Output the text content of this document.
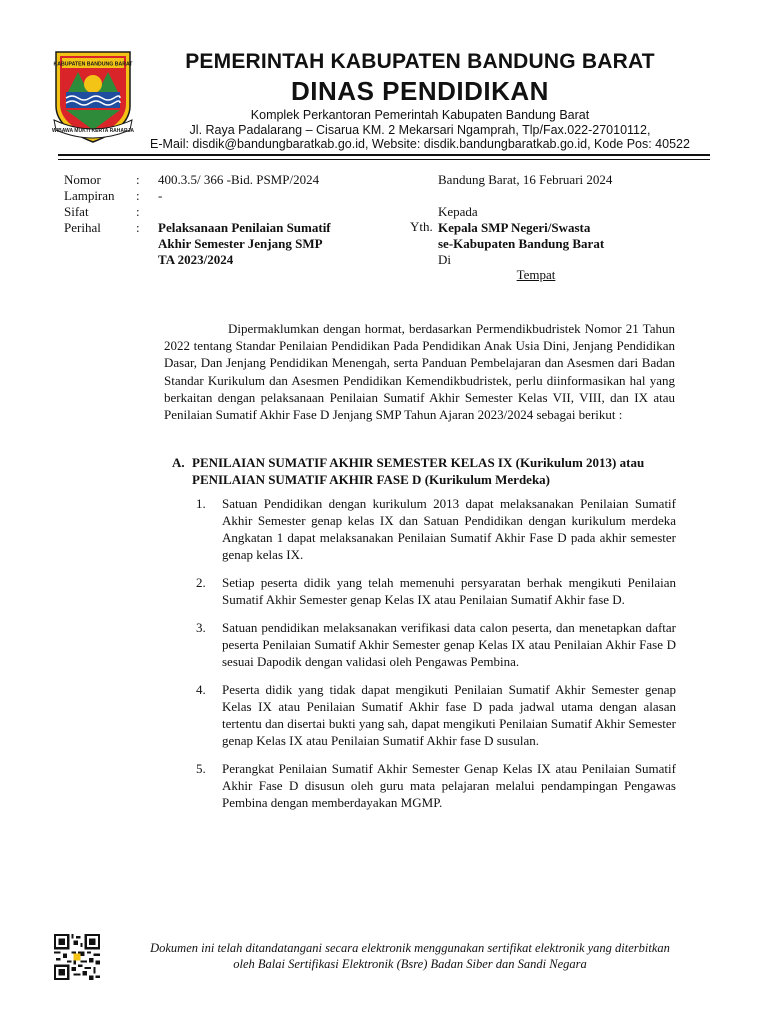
KABUPATEN BANDUNG BARAT
WIBAWA MUKTI KERTA RAHARJA
PEMERINTAH KABUPATEN BANDUNG BARAT
DINAS PENDIDIKAN
Komplek Perkantoran Pemerintah Kabupaten Bandung Barat
Jl. Raya Padalarang – Cisarua KM. 2 Mekarsari Ngamprah, Tlp/Fax.022-27010112,
E-Mail: disdik@bandungbaratkab.go.id, Website: disdik.bandungbaratkab.go.id, Kode Pos: 40522
Nomor	: 400.3.5/ 366 -Bid. PSMP/2024
Lampiran : -
Sifat	:
Perihal	: Pelaksanaan Penilaian Sumatif
Akhir Semester Jenjang SMP
TA 2023/2024
Bandung Barat, 16 Februari 2024
Kepada
Kepala SMP Negeri/Swasta
se-Kabupaten Bandung Barat
Di
Yth.
Tempat

Dipermaklumkan dengan hormat, berdasarkan Permendikbudristek Nomor 21 Tahun 2022 tentang Standar Penilaian Pendidikan Pada Pendidikan Anak Usia Dini, Jenjang Pendidikan Dasar, Dan Jenjang Pendidikan Menengah, serta Panduan Pembelajaran dan Asesmen dari Badan Standar Kurikulum dan Asesmen Pendidikan Kemendikbudristek, perlu diinformasikan hal yang berkaitan dengan pelaksanaan Penilaian Sumatif Akhir Semester Kelas VII, VIII, dan IX atau Penilaian Sumatif Akhir Fase D Jenjang SMP Tahun Ajaran 2023/2024 sebagai berikut :

A. PENILAIAN SUMATIF AKHIR SEMESTER KELAS IX (Kurikulum 2013) atau PENILAIAN SUMATIF AKHIR FASE D (Kurikulum Merdeka)
1. Satuan Pendidikan dengan kurikulum 2013 dapat melaksanakan Penilaian Sumatif Akhir Semester genap kelas IX dan Satuan Pendidikan dengan kurikulum merdeka Angkatan 1 dapat melaksanakan Penilaian Sumatif Akhir Fase D pada akhir semester genap kelas IX.
2. Setiap peserta didik yang telah memenuhi persyaratan berhak mengikuti Penilaian Sumatif Akhir Semester genap Kelas IX atau Penilaian Sumatif Akhir fase D.
3. Satuan pendidikan melaksanakan verifikasi data calon peserta, dan menetapkan daftar peserta Penilaian Sumatif Akhir Semester genap Kelas IX atau Penilaian Akhir Fase D sesuai Dapodik dengan validasi oleh Pengawas Pembina.
4. Peserta didik yang tidak dapat mengikuti Penilaian Sumatif Akhir Semester genap Kelas IX atau Penilaian Sumatif Akhir fase D pada jadwal utama dengan alasan tertentu dan disertai bukti yang sah, dapat mengikuti Penilaian Sumatif Akhir Semester genap Kelas IX atau Penilaian Sumatif Akhir fase D susulan.
5. Perangkat Penilaian Sumatif Akhir Semester Genap Kelas IX atau Penilaian Sumatif Akhir Fase D disusun oleh guru mata pelajaran melalui pendampingan Pengawas Pembina dengan memberdayakan MGMP.
Dokumen ini telah ditandatangani secara elektronik menggunakan sertifikat elektronik yang diterbitkan
oleh Balai Sertifikasi Elektronik (Bsre) Badan Siber dan Sandi Negara
